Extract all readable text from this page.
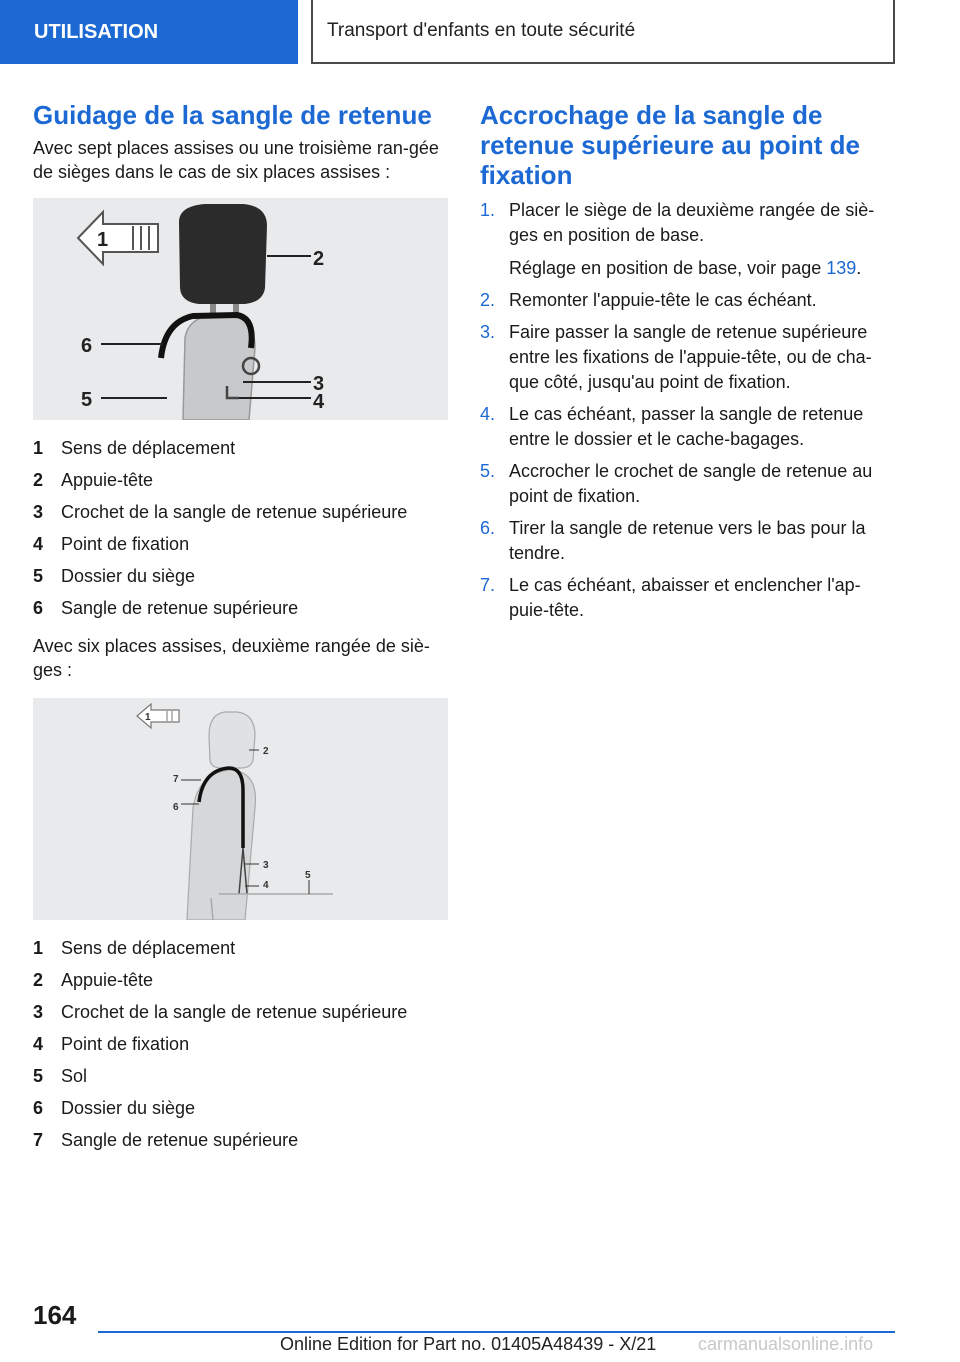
UTILISATION	Transport d'enfants en toute sécurité
Guidage de la sangle de retenue

Avec sept places assises ou une troisième ran-gée de sièges dans le cas de six places assises :

1
2
6
3
5	4
1 Sens de déplacement
2 Appuie-tête
3 Crochet de la sangle de retenue supérieure
4 Point de fixation
5 Dossier du siège
6 Sangle de retenue supérieure

Avec six places assises, deuxième rangée de siè-ges :

1
2
7
6
3
5
4
1 Sens de déplacement
2 Appuie-tête
3 Crochet de la sangle de retenue supérieure
4 Point de fixation
5 Sol
6 Dossier du siège
7 Sangle de retenue supérieure
Accrochage de la sangle de retenue supérieure au point de fixation
1. Placer le siège de la deuxième rangée de siè-ges en position de base.
Réglage en position de base, voir page 139.
2. Remonter l'appuie-tête le cas échéant.
3. Faire passer la sangle de retenue supérieure entre les fixations de l'appuie-tête, ou de cha-que côté, jusqu'au point de fixation.
4. Le cas échéant, passer la sangle de retenue entre le dossier et le cache-bagages.
5. Accrocher le crochet de sangle de retenue au point de fixation.
6. Tirer la sangle de retenue vers le bas pour la tendre.
7. Le cas échéant, abaisser et enclencher l'ap-puie-tête.
164
Online Edition for Part no. 01405A48439 - X/21 carmanualsonline.info
